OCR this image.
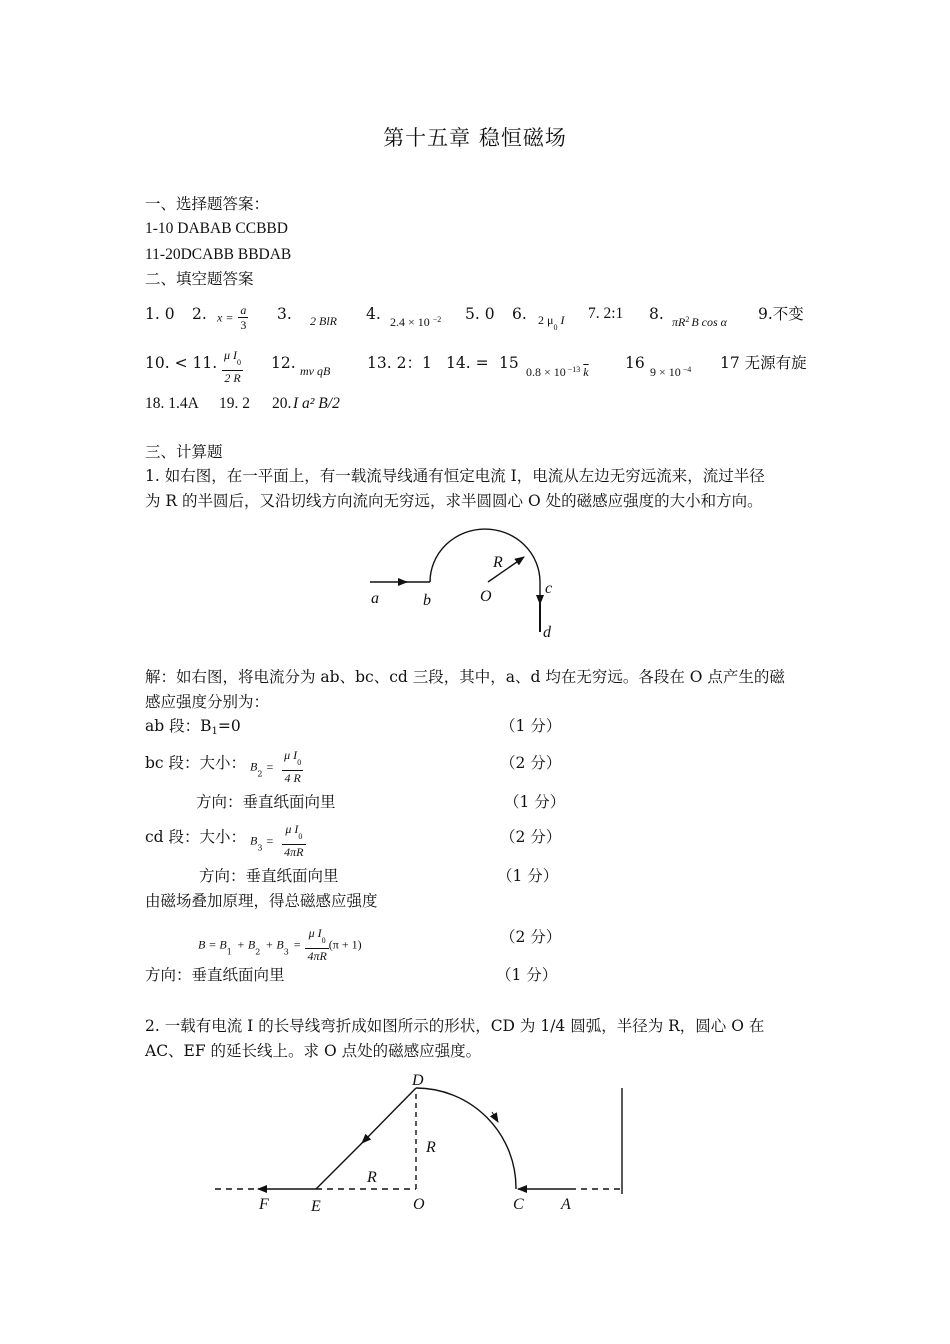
第十五章 稳恒磁场
一、选择题答案：
1-10 DABAB CCBBD
11-20DCABB BBDAB
二、填空题答案
1. 0 2. $x = \frac{a}{3} 3$. 2 BlR 4. 2.4 × 10 $^{-2}$ 5. 0 6. 2 $\mu_0I$ 7. 2:1 8. $\pi R^2$ B cos α 9.不变
10. < 11. $\frac{\mu I_0}{2 R} 12$. mv qB 13. 2：1 14. = 15 0.8 × 10 $^{-13}$ $\overline{k}$ 16 9 × 10 $^{-4}$ 17 无源有旋
18. 1.4A 19. 2 20. I a² B/2
三、计算题
1. 如右图，在一平面上，有一载流导线通有恒定电流 I，电流从左边无穷远流来，流过半径
为 R 的半圆后，又沿切线方向流向无穷远，求半圆圆心 O 处的磁感应强度的大小和方向。
a	b	O
R
c
d
解：如右图，将电流分为 ab、bc、cd 三段，其中，a、d 均在无穷远。各段在 O 点产生的磁
感应强度分别为：
ab 段：$B_1=0$	（1 分）
bc 段：大小： $B_2= \frac{\mu I_0}{4 R}$	（2 分）
方向：垂直纸面向里	（1 分）
cd 段：大小： $B_3= \frac{\mu I_0}{4\pi R}$	（2 分）
方向：垂直纸面向里	（1 分）
由磁场叠加原理，得总磁感应强度
$B = B_1 + B_2 + B_3 = \frac{\mu I_0}{4\pi R} (\pi + 1)$	（2 分）
方向：垂直纸面向里	（1 分）
2. 一载有电流 I 的长导线弯折成如图所示的形状，CD 为 1/4 圆弧，半径为 R，圆心 O 在
AC、EF 的延长线上。求 O 点处的磁感应强度。
D
R
R
F	E	O	C A
